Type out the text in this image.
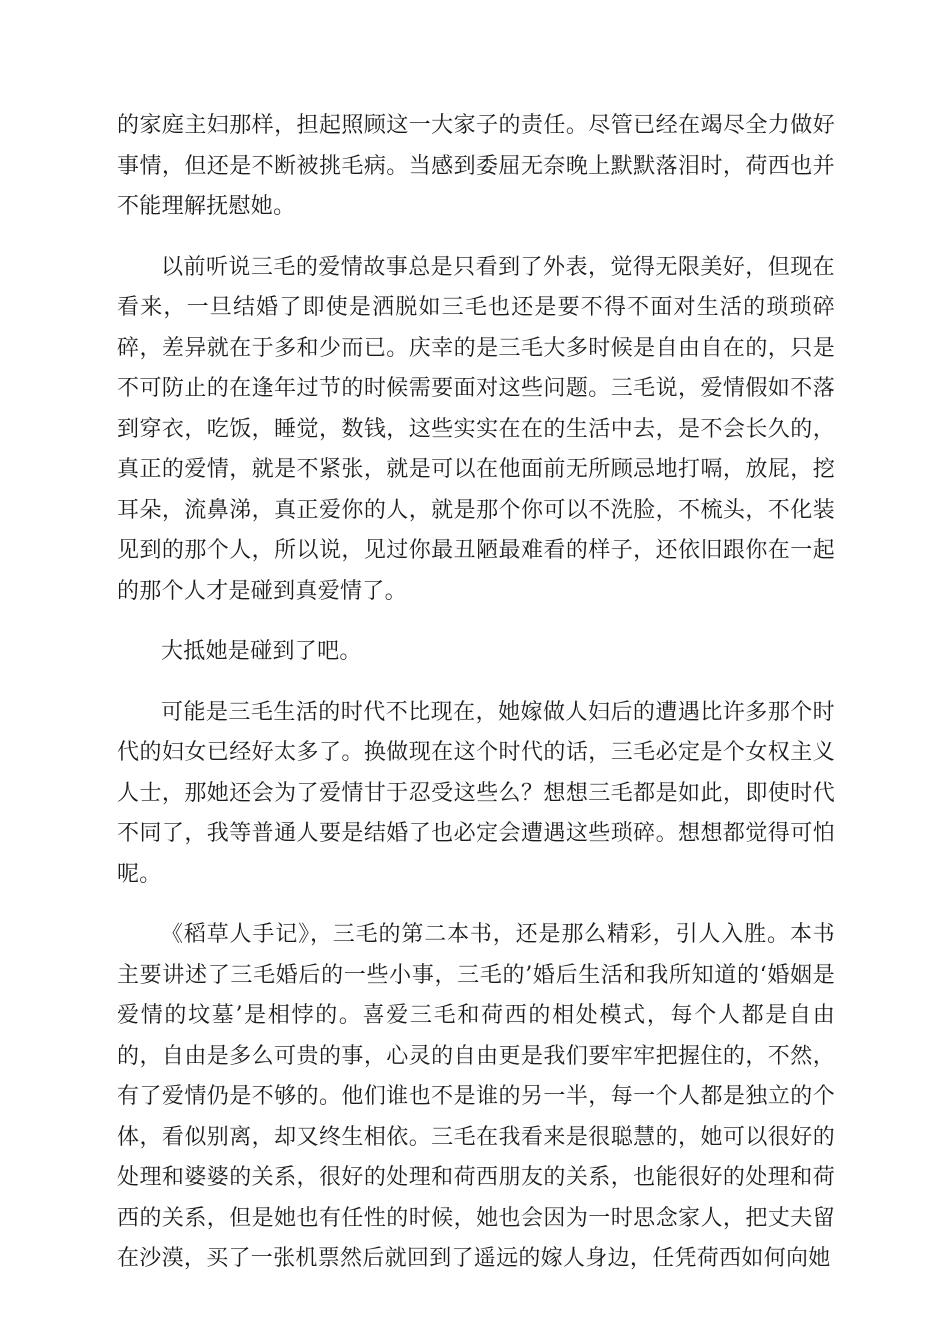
的家庭主妇那样，担起照顾这一大家子的责任。尽管已经在竭尽全力做好事情，但还是不断被挑毛病。当感到委屈无奈晚上默默落泪时，荷西也并不能理解抚慰她。

以前听说三毛的爱情故事总是只看到了外表，觉得无限美好，但现在看来，一旦结婚了即使是洒脱如三毛也还是要不得不面对生活的琐琐碎碎，差异就在于多和少而已。庆幸的是三毛大多时候是自由自在的，只是不可防止的在逢年过节的时候需要面对这些问题。三毛说，爱情假如不落到穿衣，吃饭，睡觉，数钱，这些实实在在的生活中去，是不会长久的，真正的爱情，就是不紧张，就是可以在他面前无所顾忌地打嗝，放屁，挖耳朵，流鼻涕，真正爱你的人，就是那个你可以不洗脸，不梳头，不化装见到的那个人，所以说，见过你最丑陋最难看的样子，还依旧跟你在一起的那个人才是碰到真爱情了。

大抵她是碰到了吧。

可能是三毛生活的时代不比现在，她嫁做人妇后的遭遇比许多那个时代的妇女已经好太多了。换做现在这个时代的话，三毛必定是个女权主义人士，那她还会为了爱情甘于忍受这些么？想想三毛都是如此，即使时代不同了，我等普通人要是结婚了也必定会遭遇这些琐碎。想想都觉得可怕呢。

《稻草人手记》，三毛的第二本书，还是那么精彩，引人入胜。本书主要讲述了三毛婚后的一些小事，三毛的’婚后生活和我所知道的‘婚姻是爱情的坟墓’是相悖的。喜爱三毛和荷西的相处模式，每个人都是自由的，自由是多么可贵的事，心灵的自由更是我们要牢牢把握住的，不然，有了爱情仍是不够的。他们谁也不是谁的另一半，每一个人都是独立的个体，看似别离，却又终生相依。三毛在我看来是很聪慧的，她可以很好的处理和婆婆的关系，很好的处理和荷西朋友的关系，也能很好的处理和荷西的关系，但是她也有任性的时候，她也会因为一时思念家人，把丈夫留在沙漠，买了一张机票然后就回到了遥远的嫁人身边，任凭荷西如何向她
